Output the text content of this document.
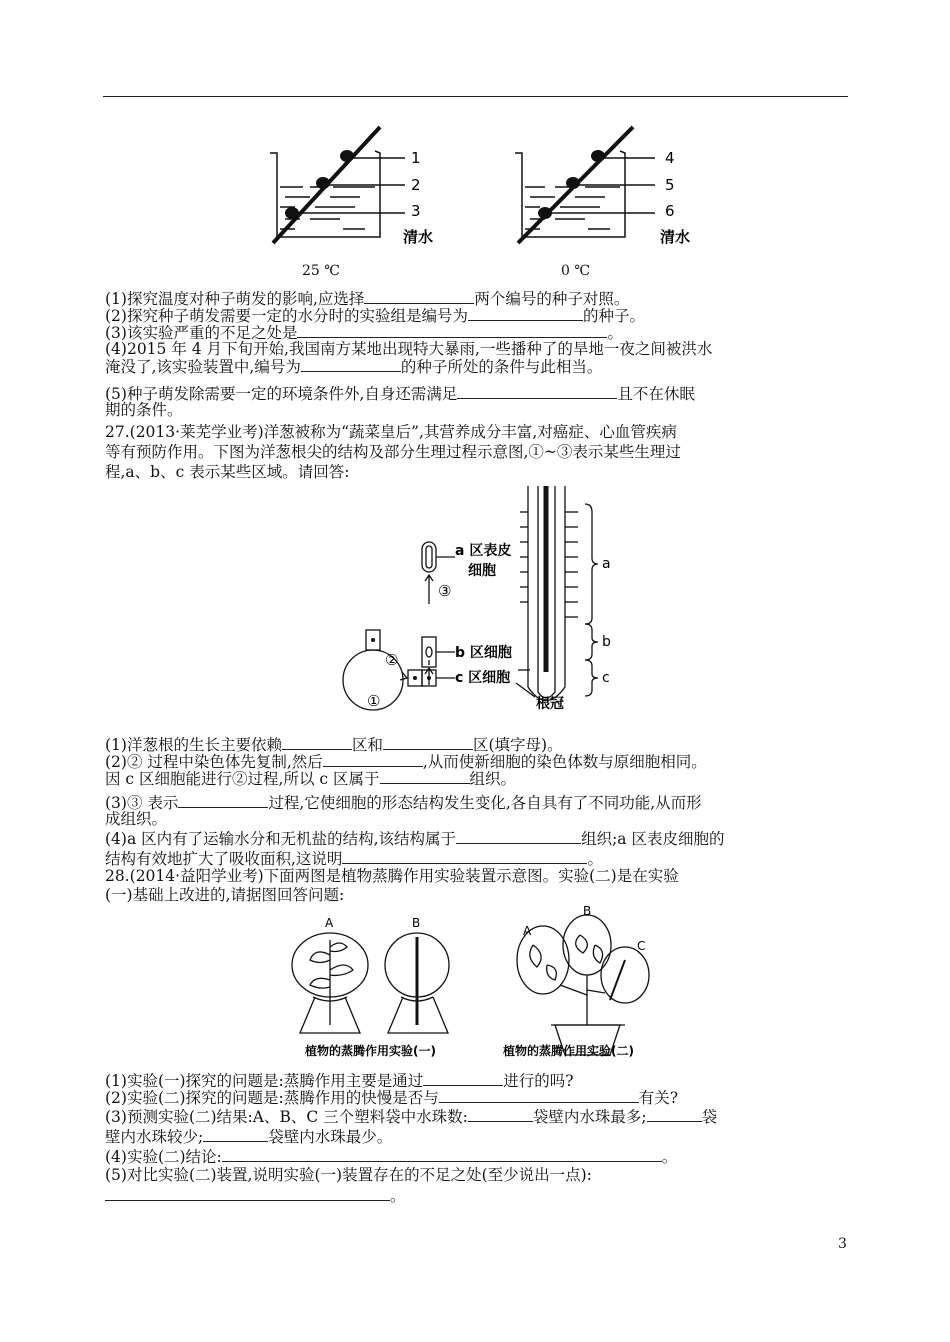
1
2
3
清水
4
5
6
清水
25 ℃	0 ℃
(1)探究温度对种子萌发的影响,应选择	两个编号的种子对照。
(2)探究种子萌发需要一定的水分时的实验组是编号为	的种子。
(3)该实验严重的不足之处是	。
(4)2015 年 4 月下旬开始,我国南方某地出现特大暴雨,一些播种了的旱地一夜之间被洪水
淹没了,该实验装置中,编号为	的种子所处的条件与此相当。
(5)种子萌发除需要一定的环境条件外,自身还需满足	且不在休眠
期的条件。
27.(2013·莱芜学业考)洋葱被称为“蔬菜皇后”,其营养成分丰富,对癌症、心血管疾病
等有预防作用。下图为洋葱根尖的结构及部分生理过程示意图,①~③表示某些生理过
程,a、b、c 表示某些区域。请回答:
a 区表皮
细胞
③
b 区细胞
②
c 区细胞
①
a
b
c
根冠
(1)洋葱根的生长主要依赖	区和	区(填字母)。
(2)② 过程中染色体先复制,然后	,从而使新细胞的染色体数与原细胞相同。
因 c 区细胞能进行②过程,所以 c 区属于	组织。
(3)③ 表示	过程,它使细胞的形态结构发生变化,各自具有了不同功能,从而形
成组织。
(4)a 区内有了运输水分和无机盐的结构,该结构属于	组织;a 区表皮细胞的
结构有效地扩大了吸收面积,这说明	。
28.(2014·益阳学业考)下面两图是植物蒸腾作用实验装置示意图。实验(二)是在实验
(一)基础上改进的,请据图回答问题:
A	B
A
B
C
植物的蒸腾作用实验(一)	植物的蒸腾作用实验(二)
(1)实验(一)探究的问题是:蒸腾作用主要是通过	进行的吗?
(2)实验(二)探究的问题是:蒸腾作用的快慢是否与	有关?
(3)预测实验(二)结果:A、B、C 三个塑料袋中水珠数:	袋壁内水珠最多;	袋
壁内水珠较少;	袋壁内水珠最少。
(4)实验(二)结论:	。
(5)对比实验(二)装置,说明实验(一)装置存在的不足之处(至少说出一点):
。
3
